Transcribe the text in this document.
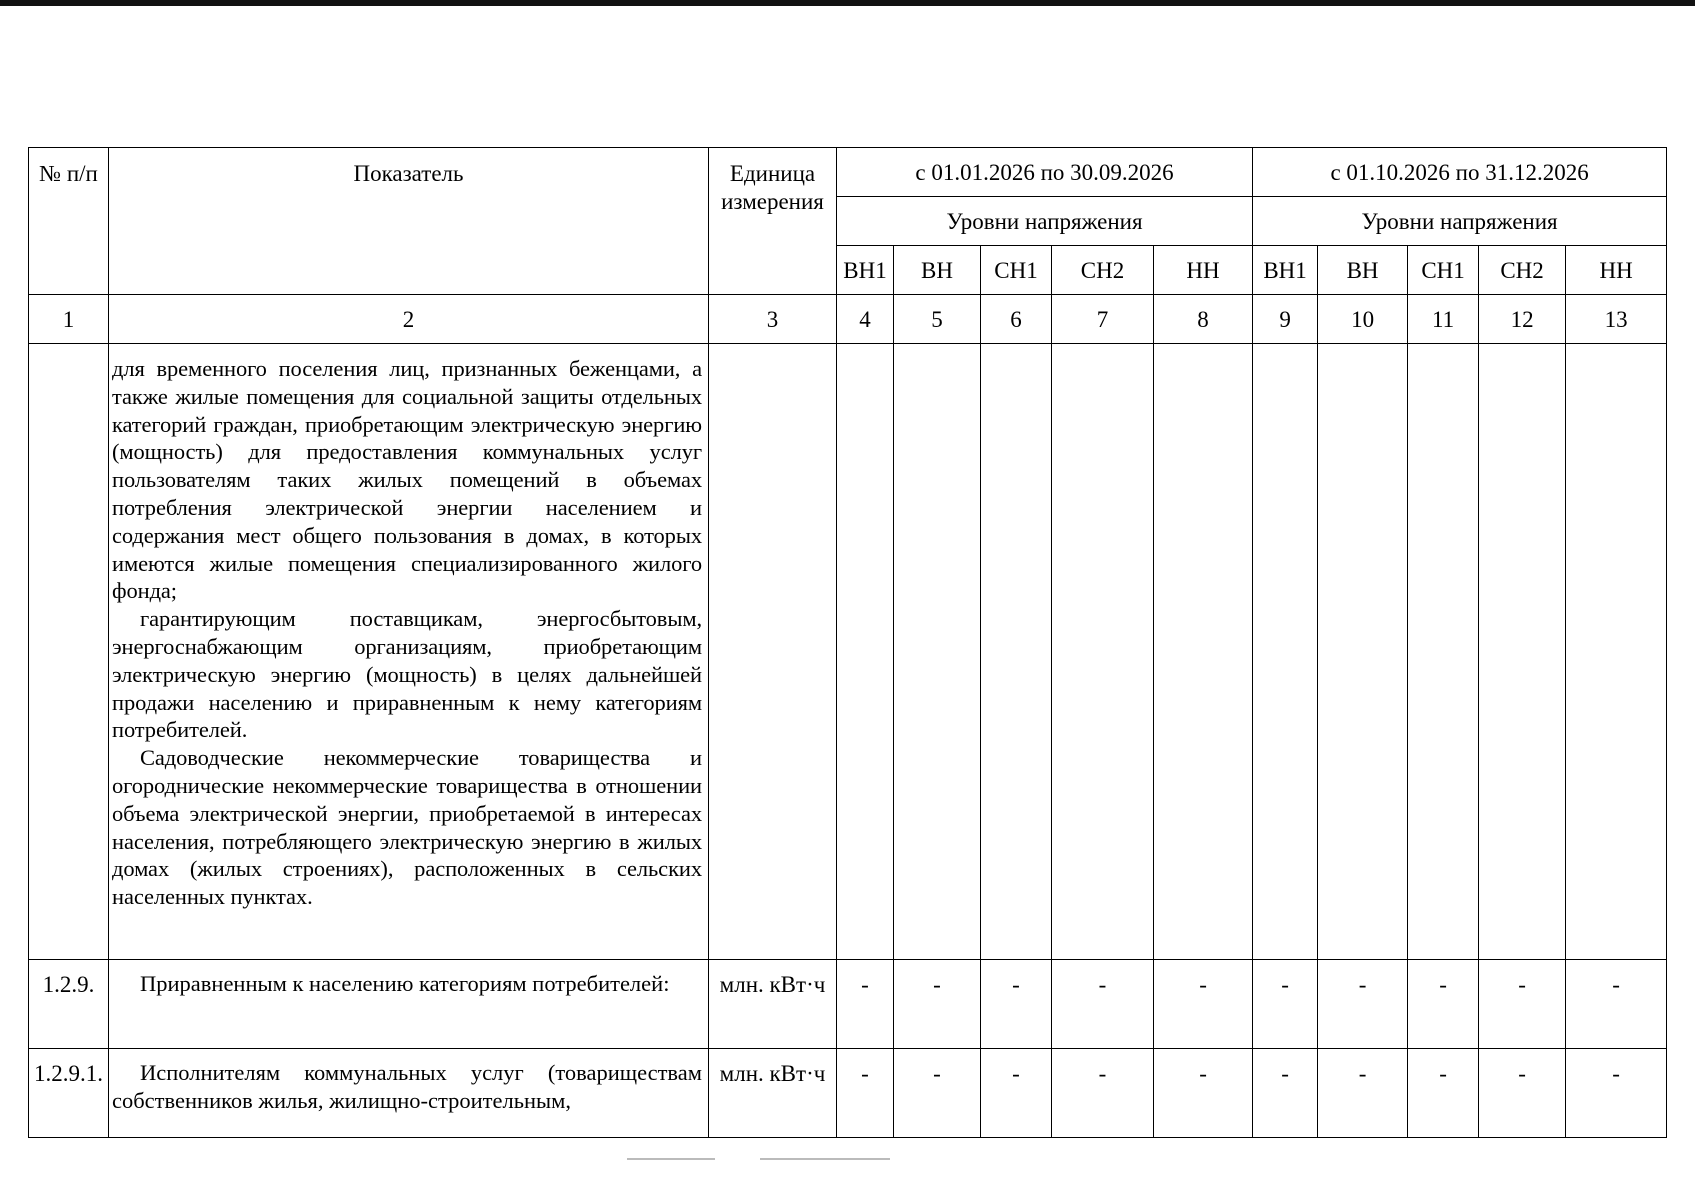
№ п/п	Показатель	Единица измерения	с 01.01.2026 по 30.09.2026					с 01.10.2026 по 31.12.2026				
			Уровни напряжения					Уровни напряжения				
			ВН1	ВН	СН1	СН2	НН	ВН1	ВН	СН1	СН2	НН
1	2	3	4	5	6	7	8	9	10	11	12	13

	для временного поселения лиц, признанных беженцами, а также жилые помещения для социальной защиты отдельных категорий граждан, приобретающим электрическую энергию (мощность) для предоставления коммунальных услуг пользователям таких жилых помещений в объемах потребления электрической энергии населением и содержания мест общего пользования в домах, в которых имеются жилые помещения специализированного жилого фонда;

гарантирующим поставщикам, энергосбытовым, энергоснабжающим организациям, приобретающим электрическую энергию (мощность) в целях дальнейшей продажи населению и приравненным к нему категориям потребителей.

Садоводческие некоммерческие товарищества и огороднические некоммерческие товарищества в отношении объема электрической энергии, приобретаемой в интересах населения, потребляющего электрическую энергию в жилых домах (жилых строениях), расположенных в сельских населенных пунктах.											

1.2.9.	Приравненным к населению категориям потребителей:	млн. кВт·ч	-	-	-	-	-	-	-	-	-	-
1.2.9.1.	Исполнителям коммунальных услуг (товариществам собственников жилья, жилищно-строительным,	млн. кВт·ч	-	-	-	-	-	-	-	-	-	-
